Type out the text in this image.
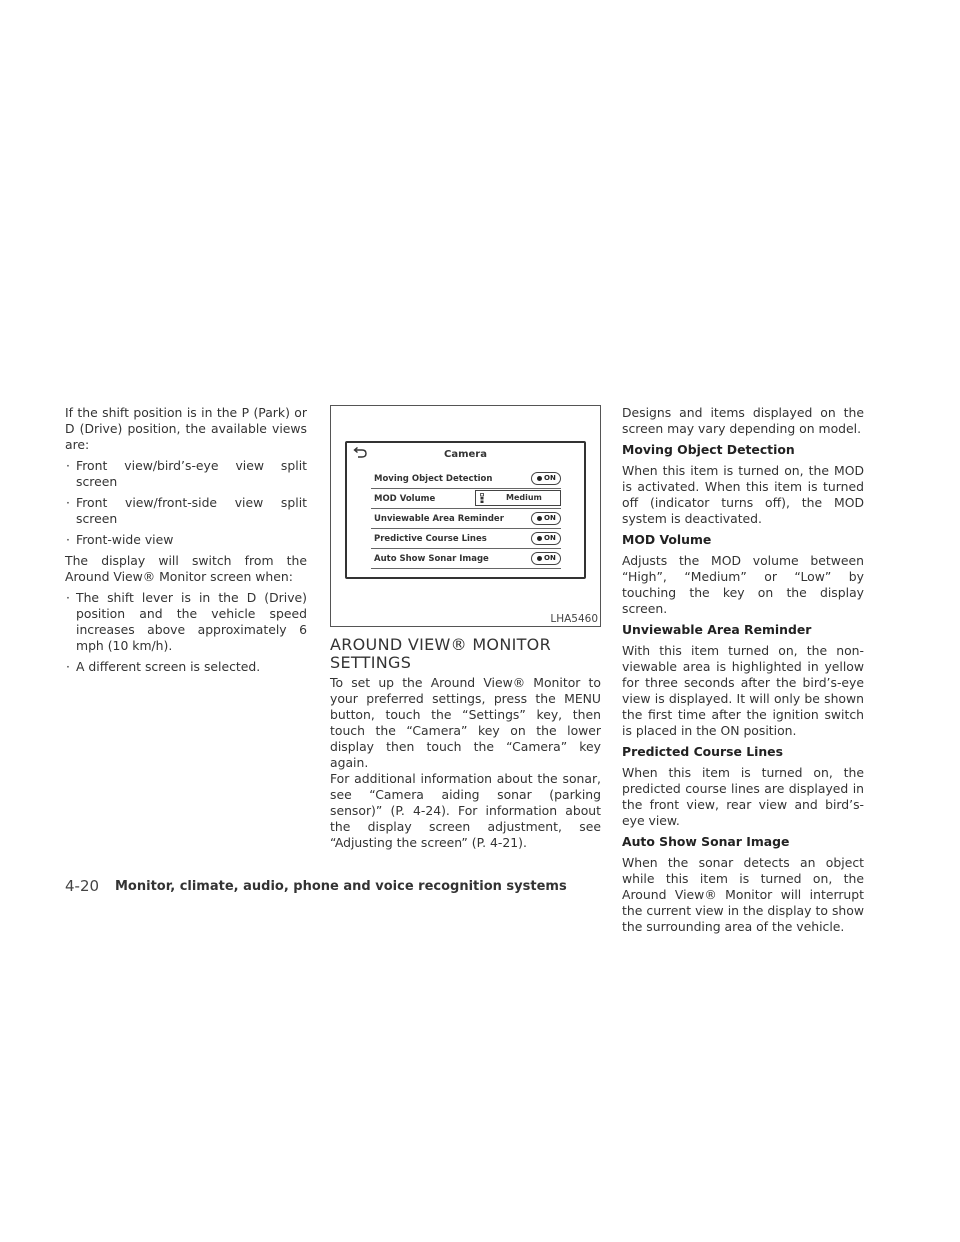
If the shift position is in the P (Park) or D (Drive) position, the available views are:

· Front view/bird’s-eye view split screen
· Front view/front-side view split screen
· Front-wide view

The display will switch from the Around View® Monitor screen when:

· The shift lever is in the D (Drive) position and the vehicle speed increases above approximately 6 mph (10 km/h).
· A different screen is selected.
Camera
Moving Object Detection	ON
MOD Volume	Medium
Unviewable Area Reminder	ON
Predictive Course Lines	ON
Auto Show Sonar Image	ON
LHA5460
AROUND VIEW® MONITOR SETTINGS

To set up the Around View® Monitor to your preferred settings, press the MENU button, touch the “Settings” key, then touch the “Camera” key on the lower display then touch the “Camera” key again.

For additional information about the sonar, see “Camera aiding sonar (parking sensor)” (P. 4-24). For information about the display screen adjustment, see “Adjusting the screen” (P. 4-21).

Designs and items displayed on the screen may vary depending on model.

Moving Object Detection

When this item is turned on, the MOD is activated. When this item is turned off (indicator turns off), the MOD system is deactivated.

MOD Volume

Adjusts the MOD volume between “High”, “Medium” or “Low” by touching the key on the display screen.

Unviewable Area Reminder

With this item turned on, the non-viewable area is highlighted in yellow for three seconds after the bird’s-eye view is displayed. It will only be shown the first time after the ignition switch is placed in the ON position.

Predicted Course Lines

When this item is turned on, the predicted course lines are displayed in the front view, rear view and bird’s-eye view.

Auto Show Sonar Image

When the sonar detects an object while this item is turned on, the Around View® Monitor will interrupt the current view in the display to show the surrounding area of the vehicle.

4-20 Monitor, climate, audio, phone and voice recognition systems
